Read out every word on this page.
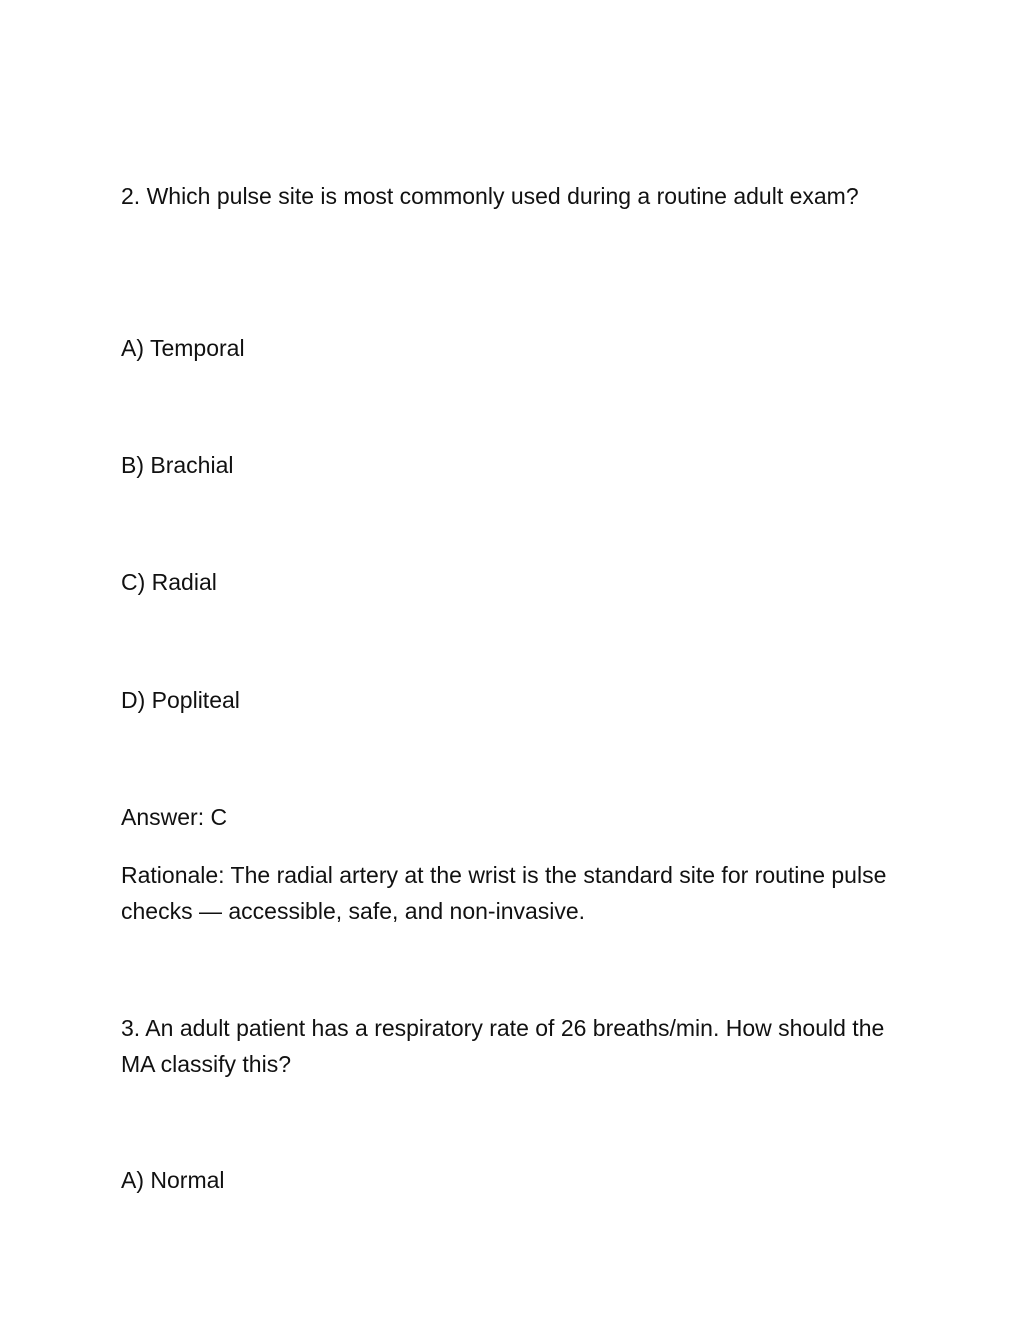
2. Which pulse site is most commonly used during a routine adult exam?

A) Temporal

B) Brachial

C) Radial

D) Popliteal

Answer: C

Rationale: The radial artery at the wrist is the standard site for routine pulse checks — accessible, safe, and non-invasive.

3. An adult patient has a respiratory rate of 26 breaths/min. How should the MA classify this?

A) Normal
